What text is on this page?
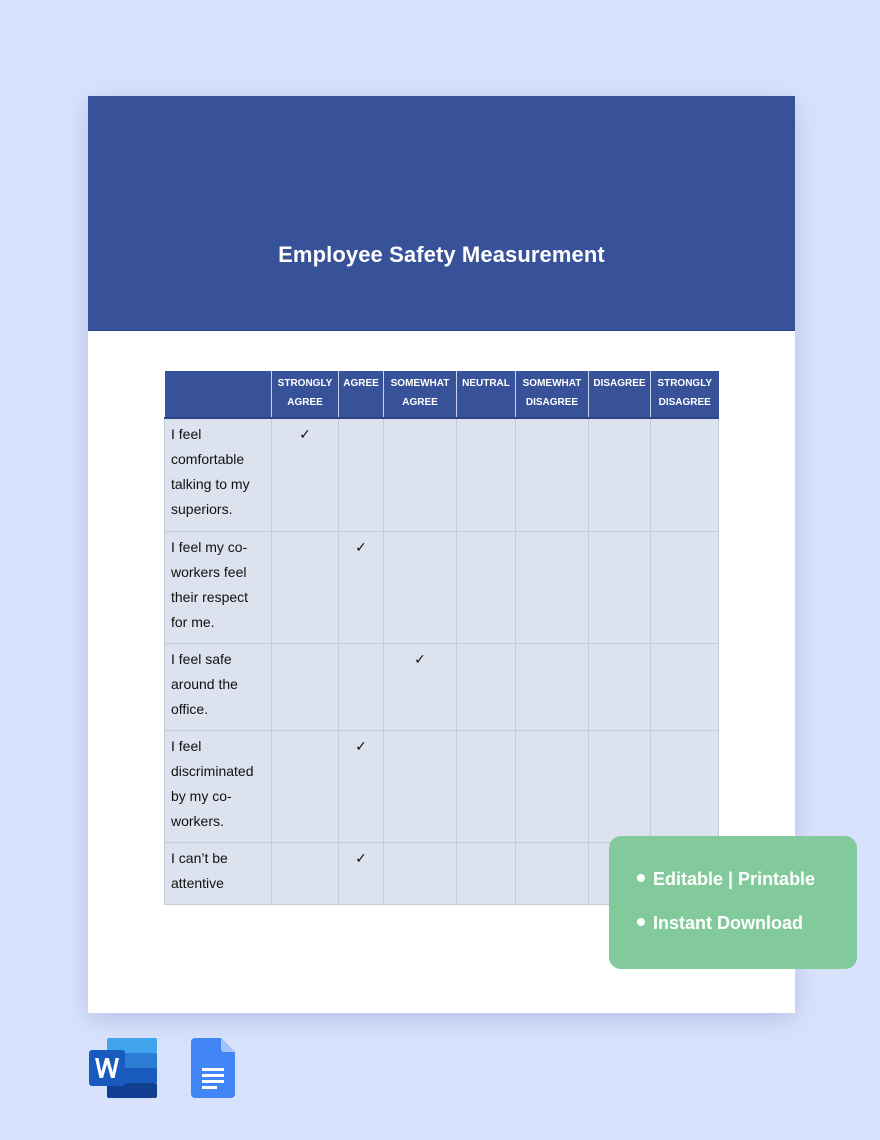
Employee Safety Measurement
	STRONGLY AGREE	AGREE	SOMEWHAT AGREE	NEUTRAL	SOMEWHAT DISAGREE	DISAGREE	STRONGLY DISAGREE
I feel comfortable talking to my superiors.	✓						
I feel my co-workers feel their respect for me.		✓					
I feel safe around the office.			✓				
I feel discriminated by my co-workers.		✓					
I can’t be attentive		✓					
Editable | Printable
Instant Download
